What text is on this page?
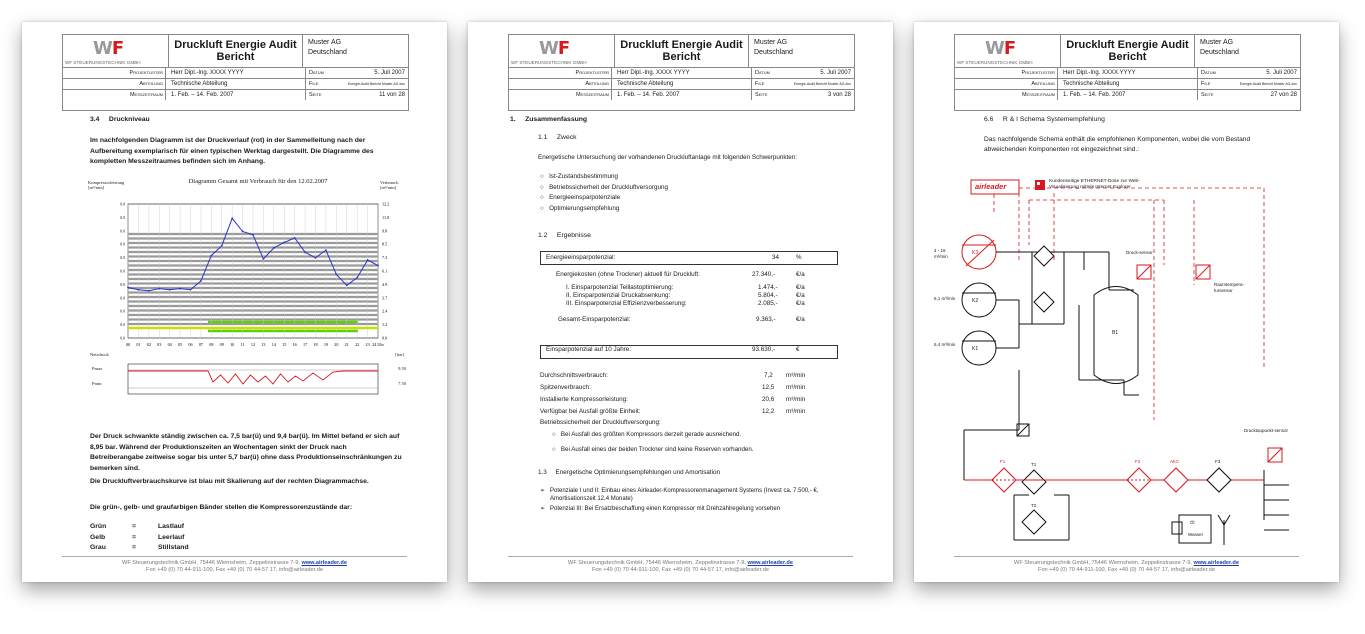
WF
WF STEUERUNGSTECHNIK GMBH
Druckluft Energie Audit Bericht
Muster AG
Deutschland
Projektleiter	Herr Dipl.-Ing. XXXX YYYY	Datum	5. Juli 2007
Abteilung	Technische Abteilung	File	Energie-Audit Bericht Muster AG.doc
Messzeitraum	1. Feb. – 14. Feb. 2007	Seite	11 von 28
3.4 Druckniveau
Im nachfolgenden Diagramm ist der Druckverlauf (rot) in der Sammelleitung nach der Aufbereitung exemplarisch für einen typischen Werktag dargestellt. Die Diagramme des kompletten Messzeitraumes befinden sich im Anhang.
Diagramm Gesamt mit Verbrauch für den 12.02.2007
Kompressorleistung [m³/min]
Verbrauch [m³/min]
00 01 02 03 04 05 06 07 08 09 10 11 12 13 14 15 16 17 18 19 20 21 22 23 24 Uhr
12.2
0.0
11.0
0.0
9.8
0.0
8.5
0.0
7.3
0.0
6.1
0.0
4.9
0.0
3.7
0.0
2.4
0.0
1.2
0.0
0.0
0.0
Netzdruck	[bar]
Pmax
Pmin
9.50
7.50
Der Druck schwankte ständig zwischen ca. 7,5 bar(ü) und 9,4 bar(ü). Im Mittel befand er sich auf 8,95 bar. Während der Produktionszeiten an Wochentagen sinkt der Druck nach Betreiberangabe zeitweise sogar bis unter 5,7 bar(ü) ohne dass Produktionseinschränkungen zu bemerken sind.
Die Druckluftverbrauchskurve ist blau mit Skalierung auf der rechten Diagrammachse.
Die grün-, gelb- und graufarbigen Bänder stellen die Kompressorenzustände dar:
Grün	=	Lastlauf
Gelb	=	Leerlauf
Grau	=	Stillstand
WF Steuerungstechnik GmbH, 75446 Wiernsheim, Zeppelinstrasse 7-9, www.airleader.de
Fon +49 (0) 70 44-911-100, Fax +49 (0) 70 44-57 17, info@airleader.de
WF
WF STEUERUNGSTECHNIK GMBH
Druckluft Energie Audit Bericht
Muster AG
Deutschland
Projektleiter	Herr Dipl.-Ing. XXXX YYYY	Datum	5. Juli 2007
Abteilung	Technische Abteilung	File	Energie-Audit Bericht Muster AG.doc
Messzeitraum	1. Feb. – 14. Feb. 2007	Seite	3 von 28
1. Zusammenfassung
1.1 Zweck
Energetische Untersuchung der vorhandenen Druckluftanlage mit folgenden Schwerpunkten:
○   Ist-Zustandsbestimmung
○   Betriebssicherheit der Druckluftversorgung
○   Energieeinsparpotenziale
○   Optimierungsempfehlung
1.2 Ergebnisse
Energieeinsparpotenzial:	34	%
Energiekosten (ohne Trockner) aktuell für Druckluft:	27.340,-	€/a
I. Einsparpotenzial Teillastoptimierung:	1.474,-	€/a
II. Einsparpotenzial Druckabsenkung:	5.804,-	€/a
III. Einsparpotenzial Effizienzverbesserung:	2.085,-	€/a
Gesamt-Einsparpotenzial:	9.363,-	€/a
Einsparpotenzial auf 10 Jahre:	93.630,-	€
Durchschnittsverbrauch:	7,2 m³/min
Spitzenverbrauch:	12,5 m³/min
Installierte Kompressorleistung:	20,6 m³/min
Verfügbar bei Ausfall größte Einheit:	12,2 m³/min
Betriebssicherheit der Druckluftversorgung:
○   Bei Ausfall des größten Kompressors derzeit gerade ausreichend.
○   Bei Ausfall eines der beiden Trockner sind keine Reserven vorhanden.
1.3 Energetische Optimierungsempfehlungen und Amortisation
➢ Potenziale I und II: Einbau eines Airleader-Kompressorenmanagement Systems (Invest ca. 7.500,- €, Amortisationszeit 12,4 Monate)
➢ Potenzial III: Bei Ersatzbeschaffung einen Kompressor mit Drehzahlregelung vorsehen
WF Steuerungstechnik GmbH, 75446 Wiernsheim, Zeppelinstrasse 7-9, www.airleader.de
Fon +49 (0) 70 44-911-100, Fax +49 (0) 70 44-57 17, info@airleader.de
WF
WF STEUERUNGSTECHNIK GMBH
Druckluft Energie Audit Bericht
Muster AG
Deutschland
Projektleiter	Herr Dipl.-Ing. XXXX YYYY	Datum	5. Juli 2007
Abteilung	Technische Abteilung	File	Energie-Audit Bericht Muster AG.doc
Messzeitraum	1. Feb. – 14. Feb. 2007	Seite	27 von 28
6.6 R & I Schema Systemempfehlung
Das nachfolgende Schema enthält die empfohlenen Komponenten, wobei die vom Bestand abweichenden Komponenten rot eingezeichnet sind.:
airleader
Kundenseitige ETHERNET-Dose zur Web-Visualisierung mittels Internet Explorer
K3
K2
K1
4 - 16 m³/min
6,1 m³/min
6,4 m³/min
Druck-sensor
Raumtempera-tursensor
Drucktaupunkt-sensor
B1
F1	F2	AKC	F3
T1
T2
Öl
Wasser
WF Steuerungstechnik GmbH, 75446 Wiernsheim, Zeppelinstrasse 7-9, www.airleader.de
Fon +49 (0) 70 44-911-100, Fax +49 (0) 70 44-57 17, info@airleader.de
